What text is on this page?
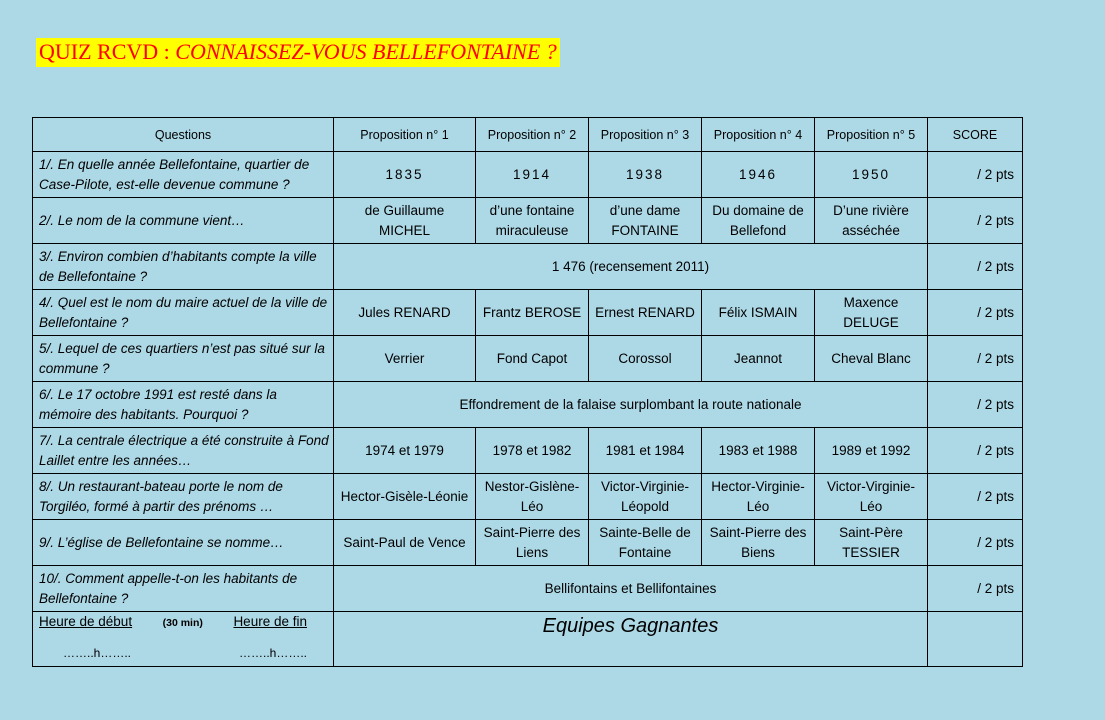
QUIZ RCVD : CONNAISSEZ-VOUS BELLEFONTAINE ?
Questions	Proposition n° 1	Proposition n° 2	Proposition n° 3	Proposition n° 4	Proposition n° 5	SCORE
1/. En quelle année Bellefontaine, quartier de Case-Pilote, est-elle devenue commune ?	1835	1914	1938	1946	1950	/ 2 pts
2/. Le nom de la commune vient…	de Guillaume MICHEL	d’une fontaine miraculeuse	d’une dame FONTAINE	Du domaine de Bellefond	D’une rivière asséchée	/ 2 pts
3/. Environ combien d’habitants compte la ville de Bellefontaine ?	1 476 (recensement 2011)					/ 2 pts
4/. Quel est le nom du maire actuel de la ville de Bellefontaine ?	Jules RENARD	Frantz BEROSE	Ernest RENARD	Félix ISMAIN	Maxence DELUGE	/ 2 pts
5/. Lequel de ces quartiers n’est pas situé sur la commune ?	Verrier	Fond Capot	Corossol	Jeannot	Cheval Blanc	/ 2 pts
6/. Le 17 octobre 1991 est resté dans la mémoire des habitants. Pourquoi ?	Effondrement de la falaise surplombant la route nationale					/ 2 pts
7/. La centrale électrique a été construite à Fond Laillet entre les années…	1974 et 1979	1978 et 1982	1981 et 1984	1983 et 1988	1989 et 1992	/ 2 pts
8/. Un restaurant-bateau porte le nom de Torgiléo, formé à partir des prénoms …	Hector-Gisèle-Léonie	Nestor-Gislène-Léo	Victor-Virginie-Léopold	Hector-Virginie-Léo	Victor-Virginie-Léo	/ 2 pts
9/. L’église de Bellefontaine se nomme…	Saint-Paul de Vence	Saint-Pierre des Liens	Sainte-Belle de Fontaine	Saint-Pierre des Biens	Saint-Père TESSIER	/ 2 pts
10/. Comment appelle-t-on les habitants de Bellefontaine ?	Bellifontains et Bellifontaines					/ 2 pts

Heure de début (30 min) Heure de fin
……..h…….. ……..h……..	Equipes Gagnantes					
